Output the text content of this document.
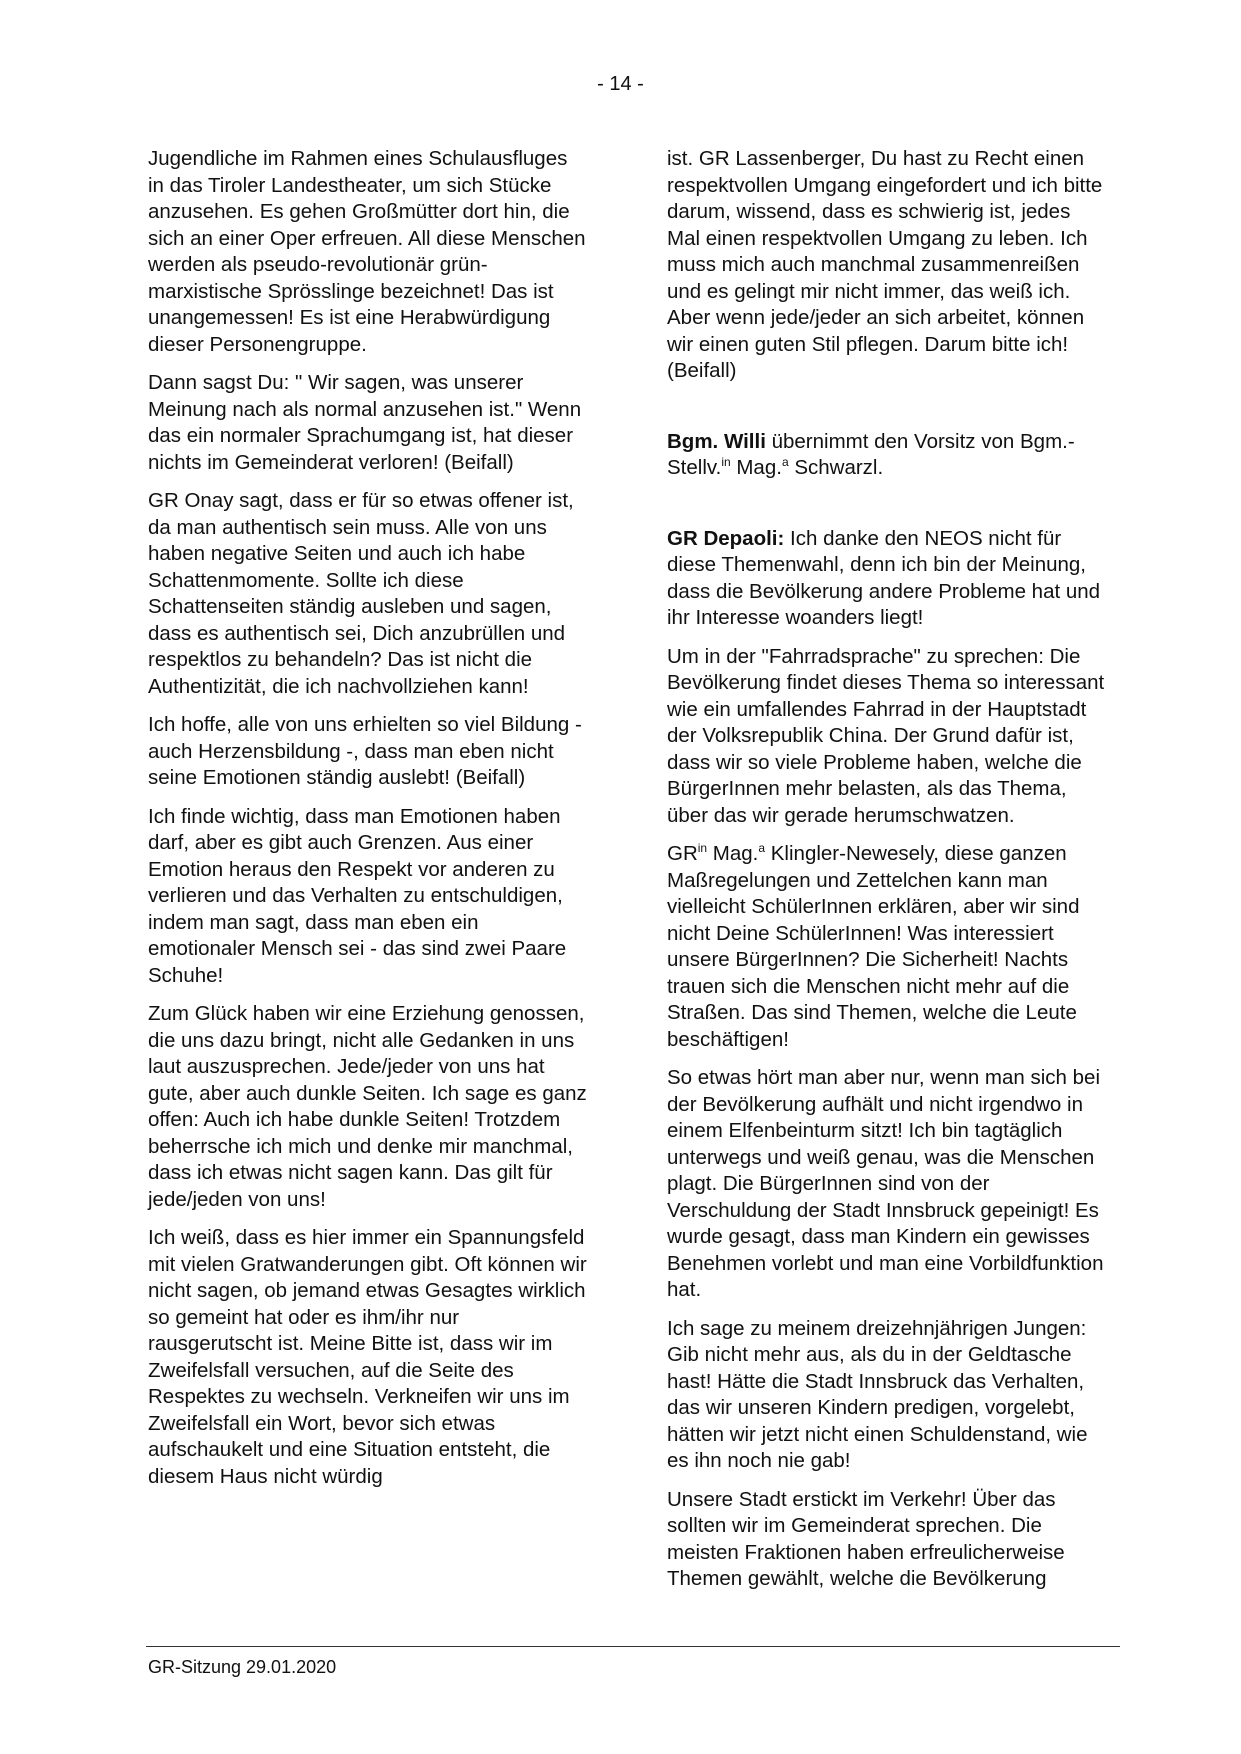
- 14 -

Jugendliche im Rahmen eines Schulausfluges in das Tiroler Landestheater, um sich Stücke anzusehen. Es gehen Großmütter dort hin, die sich an einer Oper erfreuen. All diese Menschen werden als pseudo-revolutionär grün-marxistische Sprösslinge bezeichnet! Das ist unangemessen! Es ist eine Herabwürdigung dieser Personengruppe.

Dann sagst Du: " Wir sagen, was unserer Meinung nach als normal anzusehen ist." Wenn das ein normaler Sprachumgang ist, hat dieser nichts im Gemeinderat verloren! (Beifall)

GR Onay sagt, dass er für so etwas offener ist, da man authentisch sein muss. Alle von uns haben negative Seiten und auch ich habe Schattenmomente. Sollte ich diese Schattenseiten ständig ausleben und sagen, dass es authentisch sei, Dich anzubrüllen und respektlos zu behandeln? Das ist nicht die Authentizität, die ich nachvollziehen kann!

Ich hoffe, alle von uns erhielten so viel Bildung - auch Herzensbildung -, dass man eben nicht seine Emotionen ständig auslebt! (Beifall)

Ich finde wichtig, dass man Emotionen haben darf, aber es gibt auch Grenzen. Aus einer Emotion heraus den Respekt vor anderen zu verlieren und das Verhalten zu entschuldigen, indem man sagt, dass man eben ein emotionaler Mensch sei - das sind zwei Paare Schuhe!

Zum Glück haben wir eine Erziehung genossen, die uns dazu bringt, nicht alle Gedanken in uns laut auszusprechen. Jede/jeder von uns hat gute, aber auch dunkle Seiten. Ich sage es ganz offen: Auch ich habe dunkle Seiten! Trotzdem beherrsche ich mich und denke mir manchmal, dass ich etwas nicht sagen kann. Das gilt für jede/jeden von uns!

Ich weiß, dass es hier immer ein Spannungsfeld mit vielen Gratwanderungen gibt. Oft können wir nicht sagen, ob jemand etwas Gesagtes wirklich so gemeint hat oder es ihm/ihr nur rausgerutscht ist. Meine Bitte ist, dass wir im Zweifelsfall versuchen, auf die Seite des Respektes zu wechseln. Verkneifen wir uns im Zweifelsfall ein Wort, bevor sich etwas aufschaukelt und eine Situation entsteht, die diesem Haus nicht würdig

ist. GR Lassenberger, Du hast zu Recht einen respektvollen Umgang eingefordert und ich bitte darum, wissend, dass es schwierig ist, jedes Mal einen respektvollen Umgang zu leben. Ich muss mich auch manchmal zusammenreißen und es gelingt mir nicht immer, das weiß ich. Aber wenn jede/jeder an sich arbeitet, können wir einen guten Stil pflegen. Darum bitte ich! (Beifall)

Bgm. Willi übernimmt den Vorsitz von Bgm.-Stellv.$^{in}$ Mag.$^a$ Schwarzl.

GR Depaoli: Ich danke den NEOS nicht für diese Themenwahl, denn ich bin der Meinung, dass die Bevölkerung andere Probleme hat und ihr Interesse woanders liegt!

Um in der "Fahrradsprache" zu sprechen: Die Bevölkerung findet dieses Thema so interessant wie ein umfallendes Fahrrad in der Hauptstadt der Volksrepublik China. Der Grund dafür ist, dass wir so viele Probleme haben, welche die BürgerInnen mehr belasten, als das Thema, über das wir gerade herumschwatzen.

$GR^{in}$ Mag.$^a$ Klingler-Newesely, diese ganzen Maßregelungen und Zettelchen kann man vielleicht SchülerInnen erklären, aber wir sind nicht Deine SchülerInnen! Was interessiert unsere BürgerInnen? Die Sicherheit! Nachts trauen sich die Menschen nicht mehr auf die Straßen. Das sind Themen, welche die Leute beschäftigen!

So etwas hört man aber nur, wenn man sich bei der Bevölkerung aufhält und nicht irgendwo in einem Elfenbeinturm sitzt! Ich bin tagtäglich unterwegs und weiß genau, was die Menschen plagt. Die BürgerInnen sind von der Verschuldung der Stadt Innsbruck gepeinigt! Es wurde gesagt, dass man Kindern ein gewisses Benehmen vorlebt und man eine Vorbildfunktion hat.

Ich sage zu meinem dreizehnjährigen Jungen: Gib nicht mehr aus, als du in der Geldtasche hast! Hätte die Stadt Innsbruck das Verhalten, das wir unseren Kindern predigen, vorgelebt, hätten wir jetzt nicht einen Schuldenstand, wie es ihn noch nie gab!

Unsere Stadt erstickt im Verkehr! Über das sollten wir im Gemeinderat sprechen. Die meisten Fraktionen haben erfreulicherweise Themen gewählt, welche die Bevölkerung

GR-Sitzung 29.01.2020
